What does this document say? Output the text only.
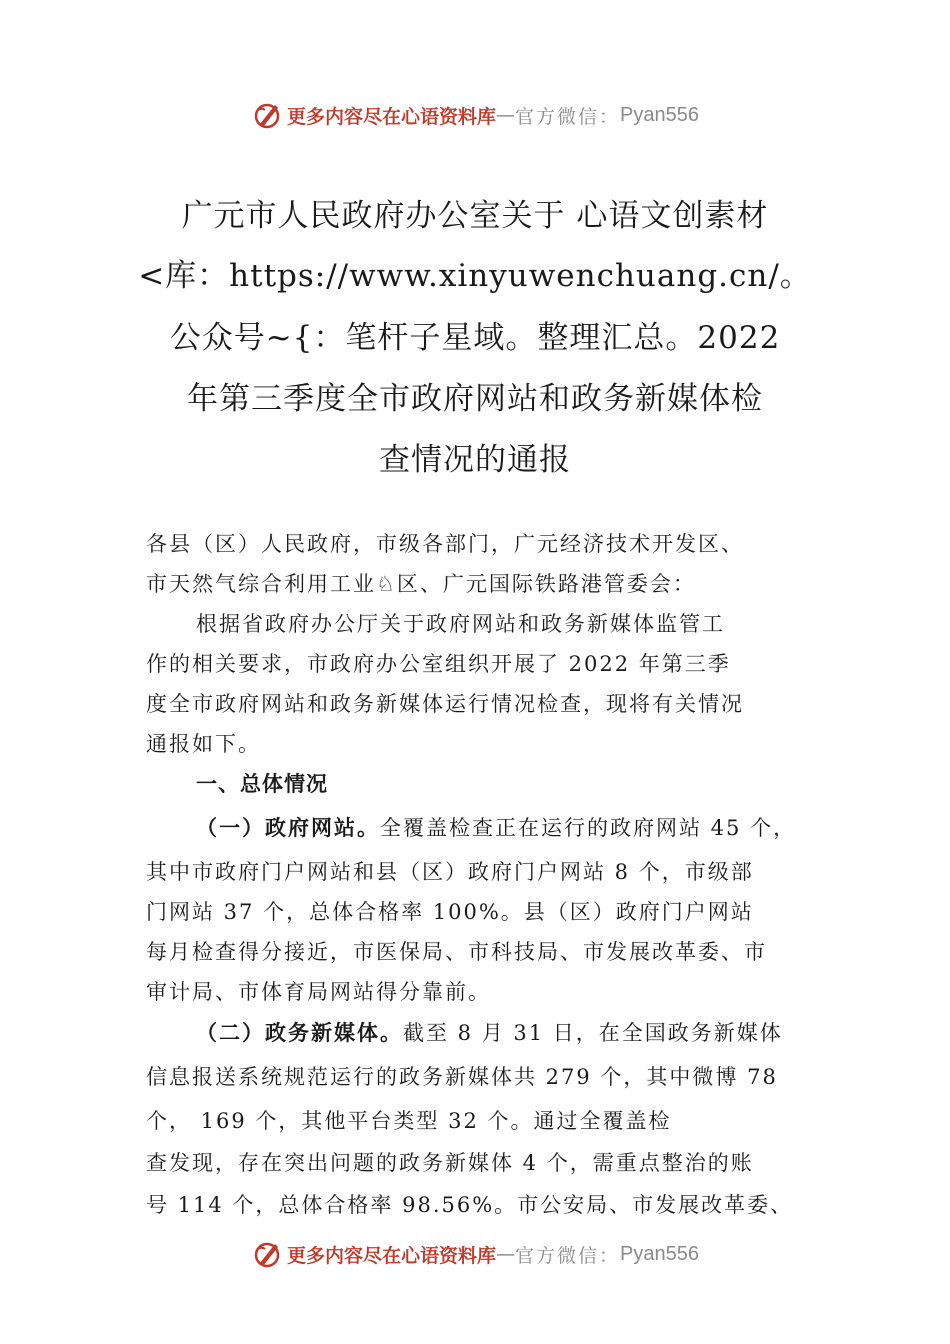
更多内容尽在心语资料库 — 官方微信： Pyan556
广元市人民政府办公室关于 心语文创素材
<库：https://www.xinyuwenchuang.cn/。
公众号~{：笔杆子星域。整理汇总。2022
年第三季度全市政府网站和政务新媒体检
查情况的通报
各县（区）人民政府，市级各部门，广元经济技术开发区、
市天然气综合利用工业♘区、广元国际铁路港管委会：
根据省政府办公厅关于政府网站和政务新媒体监管工
作的相关要求，市政府办公室组织开展了 2022 年第三季
度全市政府网站和政务新媒体运行情况检查，现将有关情况
通报如下。
一、总体情况
（一）政府网站。全覆盖检查正在运行的政府网站 45 个，
其中市政府门户网站和县（区）政府门户网站 8 个，市级部
门网站 37 个，总体合格率 100%。县（区）政府门户网站
每月检查得分接近，市医保局、市科技局、市发展改革委、市
审计局、市体育局网站得分靠前。
（二）政务新媒体。截至 8 月 31 日，在全国政务新媒体
信息报送系统规范运行的政务新媒体共 279 个，其中微博 78
个， 169 个，其他平台类型 32 个。通过全覆盖检
查发现，存在突出问题的政务新媒体 4 个，需重点整治的账
号 114 个，总体合格率 98.56%。市公安局、市发展改革委、
更多内容尽在心语资料库 — 官方微信： Pyan556
